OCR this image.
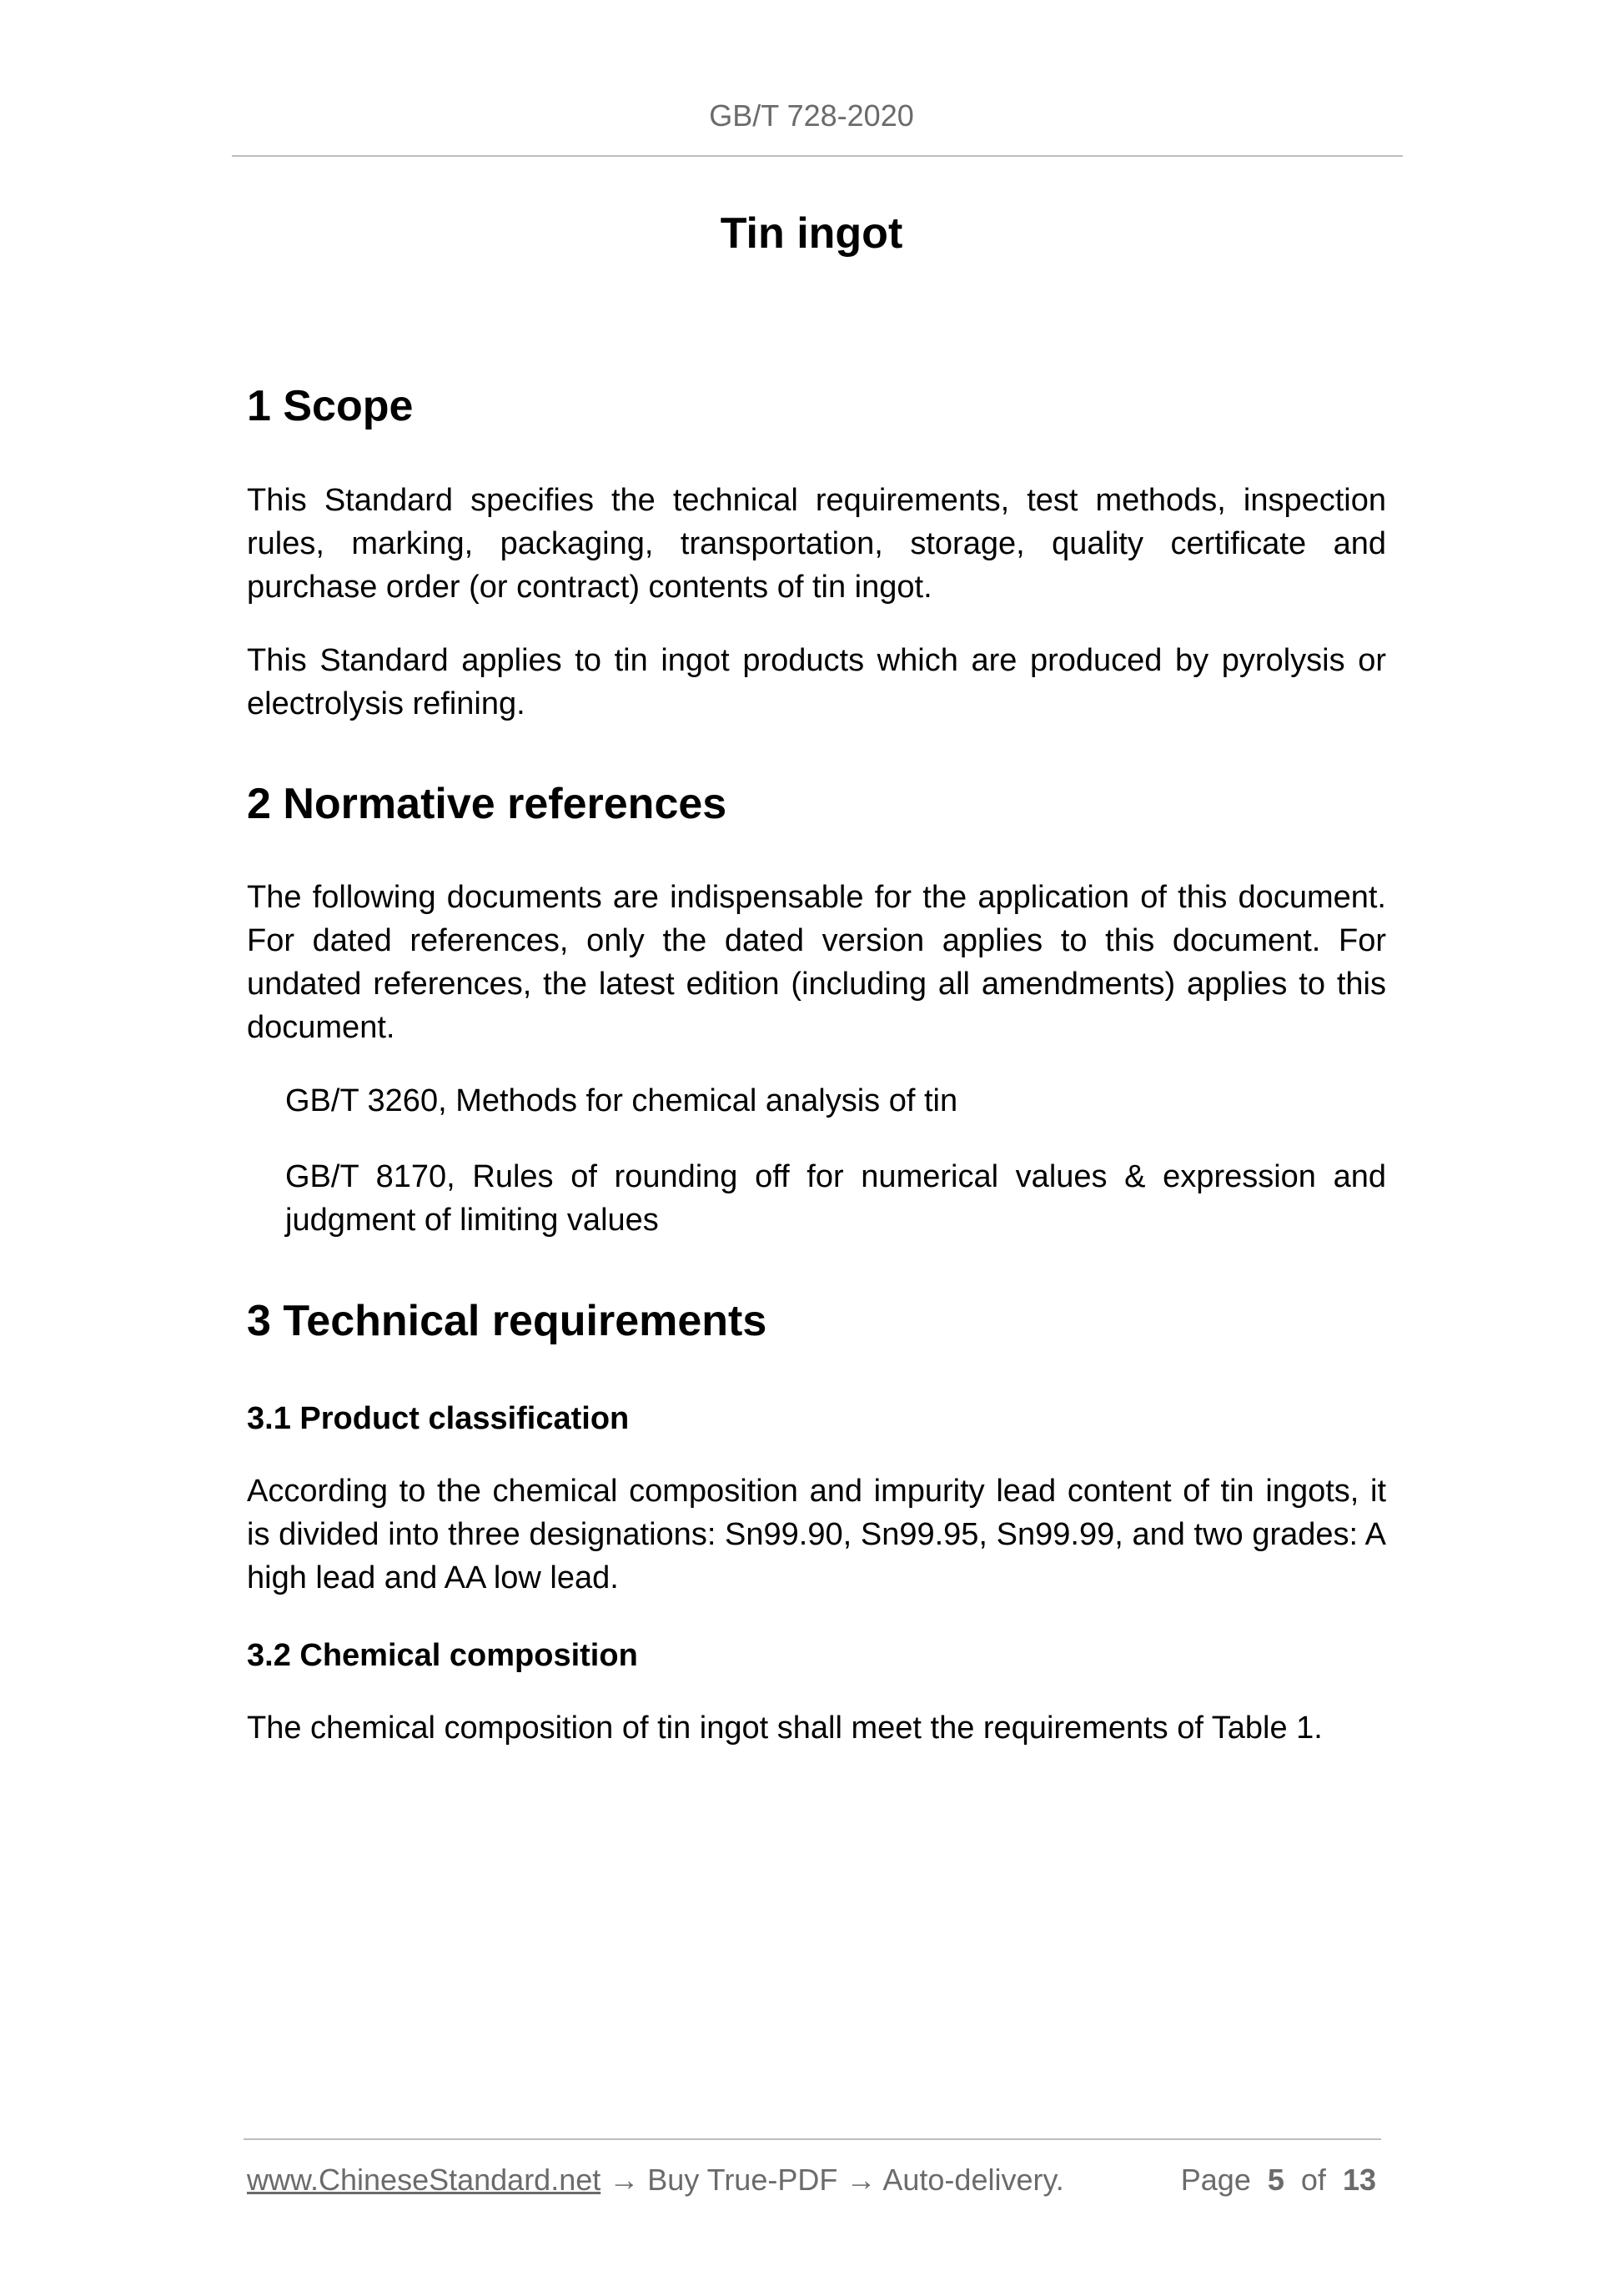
GB/T 728-2020
Tin ingot
1 Scope

This Standard specifies the technical requirements, test methods, inspection rules, marking, packaging, transportation, storage, quality certificate and purchase order (or contract) contents of tin ingot.

This Standard applies to tin ingot products which are produced by pyrolysis or electrolysis refining.

2 Normative references

The following documents are indispensable for the application of this document. For dated references, only the dated version applies to this document. For undated references, the latest edition (including all amendments) applies to this document.

GB/T 3260, Methods for chemical analysis of tin

GB/T 8170, Rules of rounding off for numerical values & expression and judgment of limiting values

3 Technical requirements
3.1 Product classification

According to the chemical composition and impurity lead content of tin ingots, it is divided into three designations: Sn99.90, Sn99.95, Sn99.99, and two grades: A high lead and AA low lead.

3.2 Chemical composition

The chemical composition of tin ingot shall meet the requirements of Table 1.

www.ChineseStandard.net → Buy True-PDF → Auto-delivery.	Page 5 of 13
